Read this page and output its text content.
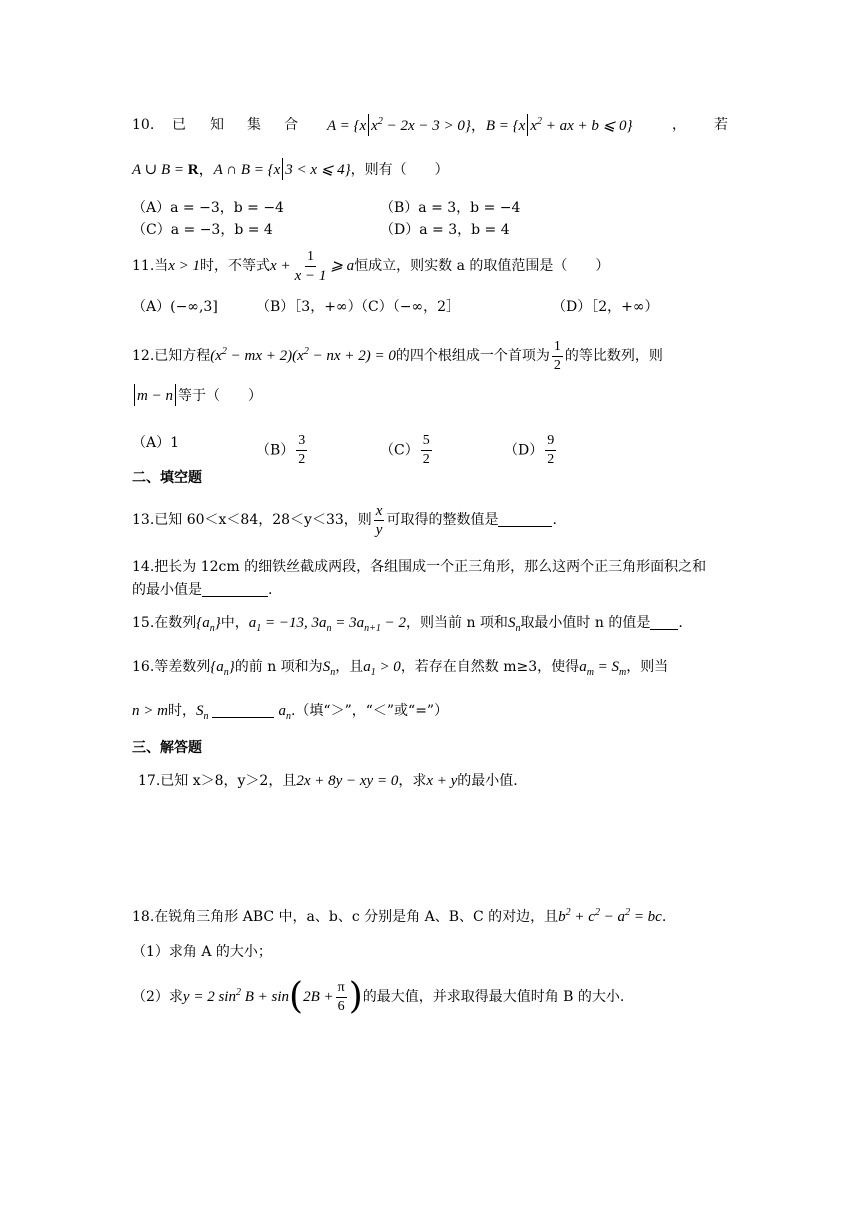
10. 已 知 集 合 A = {x $x^2 - 2x - 3 > 0$}，B = {x $x^2$ + ax + b ⩽ 0}	， 若
A ∪ B = R，A ∩ B = {x 3 < x ⩽ 4}，则有（　　）
（A）a = −3，b = −4	（B）a = 3，b = −4
（C）a = −3，b = 4	（D）a = 3，b = 4
11.当x > 1时，不等式$x + \frac{1}{x - 1}$ ⩾ a恒成立，则实数 a 的取值范围是（　　）
（A）(−∞,3]	（B）［3，+∞）
（C）（−∞，2］	（D）［2，+∞）
12.已知方程($x^2$ − mx + $2)(x^2$ − nx + 2) = 0的四个根组成一个首项为 $\frac{1}{2}$ 的等比数列，则
m − n 等于（　　）
（A）1	$(B) \frac{3}{2}$	$(C) \frac{5}{2}$	$(D) \frac{9}{2}$
二、填空题
13.已知 60＜x＜84，28＜y＜33，则 $\frac{x}{y}$ 可取得的整数值是	.
14.把长为 12cm 的细铁丝截成两段，各组围成一个正三角形，那么这两个正三角形面积之和
的最小值是	.
15.在数列$\{a_n\}$中，$a_1 = -13$, $3a_n = 3a_{n+1} - 2$，则当前 n 项和$S_n$取最小值时 n 的值是 .
16.等差数列$\{a_n\}$的前 n 项和为$S_n$，且$a_1 > 0$，若存在自然数 m≥3，使得$a_m = S_m$，则当
n > m时，$S_n$	$a_n$.（填“＞”，“＜”或“=”）
三、解答题
17.已知 x＞8，y＞2，且2x + 8y − xy = 0，求x + y的最小值.
18.在锐角三角形 ABC 中，a、b、c 分别是角 A、B、C 的对边，且$b^2 + c^2 - a^2$ = bc.
（1）求角 A 的大小；
（2）求y = 2 $\sin^2 B + \sin(2B + \frac{\pi}{6}$ )的最大值，并求取得最大值时角 B 的大小.
